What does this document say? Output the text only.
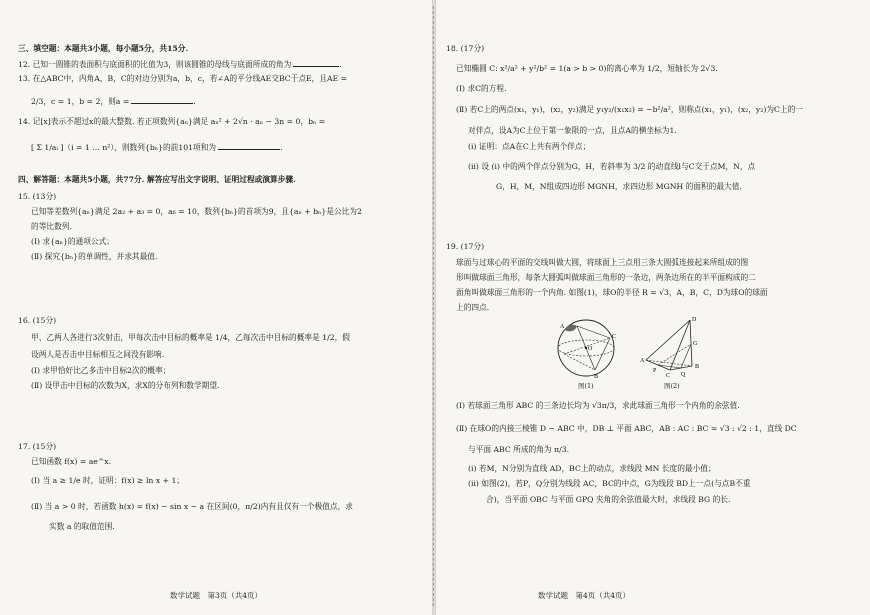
三、填空题：本题共3小题，每小题5分，共15分.
12. 已知一圆锥的表面积与底面积的比值为3，则该圆锥的母线与底面所成的角为	.
13. 在△ABC中，内角A，B，C的对边分别为a，b，c，若∠A的平分线AE交BC于点E，且AE =
2/3，c = 1，b = 2，则a =	.
14. 记[x]表示不超过x的最大整数. 若正项数列{aₙ}满足 aₙ² + 2√n · aₙ − 3n = 0，bₙ =
[ Σ 1/aᵢ ]（i = 1 … n²），则数列{bₙ}的前101项和为	.
四、解答题：本题共5小题，共77分. 解答应写出文字说明、证明过程或演算步骤.
15. (13分)
已知等差数列{aₙ}满足 2a₂ + a₃ = 0，a₆ = 10，数列{bₙ}的首项为9，且{aₙ + bₙ}是公比为2
的等比数列.
(Ⅰ) 求{aₙ}的通项公式；
(Ⅱ) 探究{bₙ}的单调性，并求其最值.
16. (15分)
甲、乙两人各进行3次射击，甲每次击中目标的概率是 1/4，乙每次击中目标的概率是 1/2，假
设两人是否击中目标相互之间没有影响.
(Ⅰ) 求甲恰好比乙多击中目标2次的概率；
(Ⅱ) 设甲击中目标的次数为X，求X的分布列和数学期望.
17. (15分)
已知函数 f(x) = ae^x.
(Ⅰ) 当 a ≥ 1/e 时，证明：f(x) ≥ ln x + 1；
(Ⅱ) 当 a > 0 时，若函数 h(x) = f(x) − sin x − a 在区间(0，π/2)内有且仅有一个极值点，求
实数 a 的取值范围.
数学试题　第3页（共4页）
18. (17分)
已知椭圆 C: x²/a² + y²/b² = 1(a > b > 0)的离心率为 1/2，短轴长为 2√3.
(Ⅰ) 求C的方程.
(Ⅱ) 若C上的两点(x₁，y₁)，(x₂，y₂)满足 y₁y₂/(x₁x₂) = −b²/a²，则称点(x₁，y₁)，(x₂，y₂)为C上的一
对伴点，设A为C上位于第一象限的一点，且点A的横坐标为1.
(ⅰ) 证明：点A在C上共有两个伴点；
(ⅱ) 设 (ⅰ) 中的两个伴点分别为G，H，若斜率为 3/2 的动直线l与C交于点M，N，点
G，H，M，N组成四边形 MGNH，求四边形 MGNH 的面积的最大值.
19. (17分)
球面与过球心的平面的交线叫做大圆，将球面上三点用三条大圆弧连接起来所组成的图
形叫做球面三角形，每条大圆弧叫做球面三角形的一条边，两条边所在的半平面构成的二
面角叫做球面三角形的一个内角. 如图(1)，球O的半径 R = √3，A，B，C，D为球O的球面
上的四点.
O
A
C
B
图(1)
D
A
C
B
G
P
Q
图(2)
(Ⅰ) 若球面三角形 ABC 的三条边长均为 √3π/3，求此球面三角形一个内角的余弦值.
(Ⅱ) 在球O的内接三棱锥 D − ABC 中，DB ⊥ 平面 ABC，AB : AC : BC = √3 : √2 : 1，直线 DC
与平面 ABC 所成的角为 π/3.
(ⅰ) 若M，N分别为直线 AD，BC上的动点，求线段 MN 长度的最小值；
(ⅱ) 如图(2)，若P，Q分别为线段 AC，BC的中点，G为线段 BD上一点(与点B不重
合)，当平面 OBC 与平面 GPQ 夹角的余弦值最大时，求线段 BG 的长.
数学试题　第4页（共4页）
